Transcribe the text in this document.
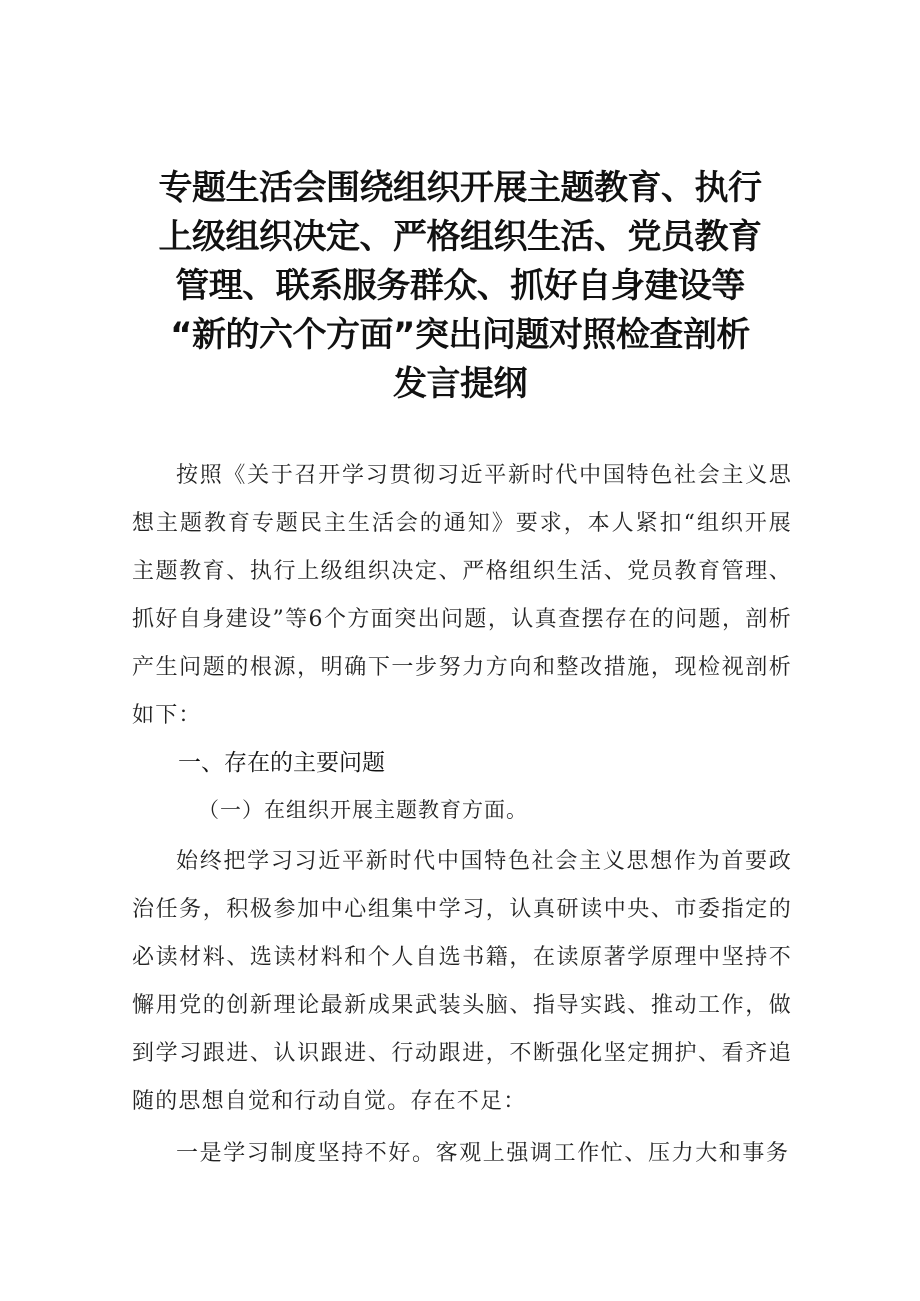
专题生活会围绕组织开展主题教育、执行
上级组织决定、严格组织生活、党员教育
管理、联系服务群众、抓好自身建设等
“新的六个方面”突出问题对照检查剖析
发言提纲

按照《关于召开学习贯彻习近平新时代中国特色社会主义思想主题教育专题民主生活会的通知》要求，本人紧扣“组织开展主题教育、执行上级组织决定、严格组织生活、党员教育管理、抓好自身建设”等6个方面突出问题，认真查摆存在的问题，剖析产生问题的根源，明确下一步努力方向和整改措施，现检视剖析如下：

一、存在的主要问题
（一）在组织开展主题教育方面。

始终把学习习近平新时代中国特色社会主义思想作为首要政治任务，积极参加中心组集中学习，认真研读中央、市委指定的必读材料、选读材料和个人自选书籍，在读原著学原理中坚持不懈用党的创新理论最新成果武装头脑、指导实践、推动工作，做到学习跟进、认识跟进、行动跟进，不断强化坚定拥护、看齐追随的思想自觉和行动自觉。存在不足：

一是学习制度坚持不好。客观上强调工作忙、压力大和事务
